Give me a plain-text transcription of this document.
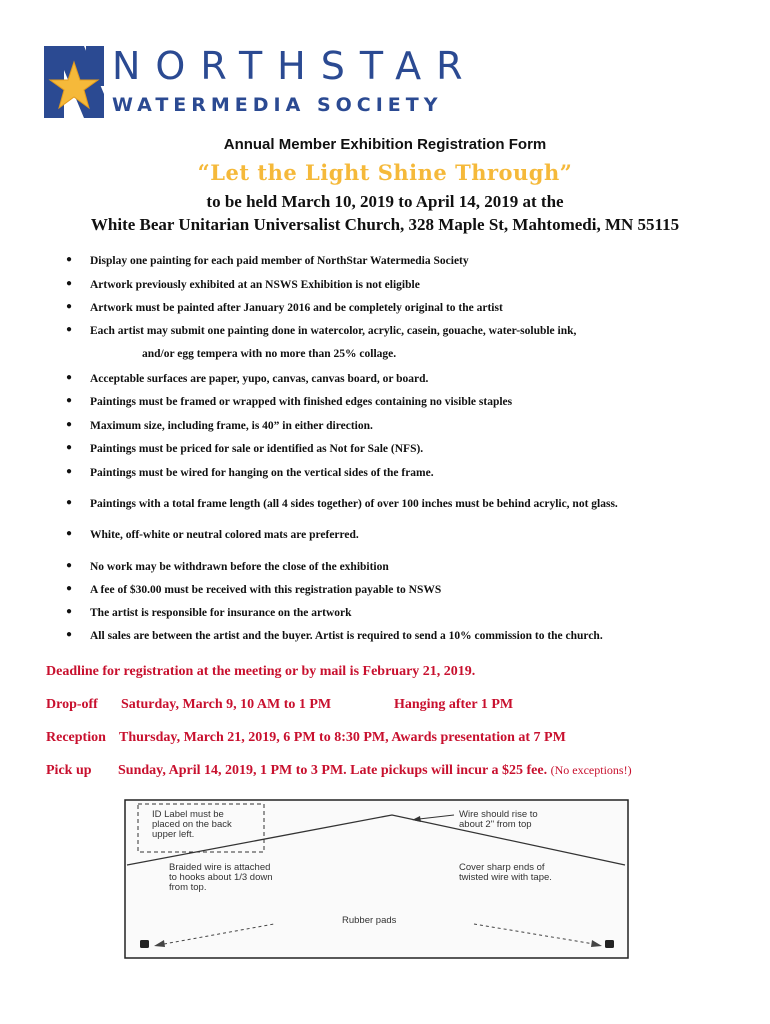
NORTHSTAR
WATERMEDIA SOCIETY
Annual Member Exhibition Registration Form
“Let the Light Shine Through”
to be held March 10, 2019 to April 14, 2019 at the
White Bear Unitarian Universalist Church, 328 Maple St, Mahtomedi, MN 55115
● Display one painting for each paid member of NorthStar Watermedia Society
● Artwork previously exhibited at an NSWS Exhibition is not eligible
● Artwork must be painted after January 2016 and be completely original to the artist
● Each artist may submit one painting done in watercolor, acrylic, casein, gouache, water-soluble ink,
and/or egg tempera with no more than 25% collage.
● Acceptable surfaces are paper, yupo, canvas, canvas board, or board.
● Paintings must be framed or wrapped with finished edges containing no visible staples
● Maximum size, including frame, is 40” in either direction.
● Paintings must be priced for sale or identified as Not for Sale (NFS).
● Paintings must be wired for hanging on the vertical sides of the frame.
● Paintings with a total frame length (all 4 sides together) of over 100 inches must be behind acrylic, not glass.
● White, off-white or neutral colored mats are preferred.
● No work may be withdrawn before the close of the exhibition
● A fee of $30.00 must be received with this registration payable to NSWS
● The artist is responsible for insurance on the artwork
● All sales are between the artist and the buyer. Artist is required to send a 10% commission to the church.
Deadline for registration at the meeting or by mail is February 21, 2019.
Drop-off Saturday, March 9, 10 AM to 1 PM	Hanging after 1 PM
Reception Thursday, March 21, 2019, 6 PM to 8:30 PM, Awards presentation at 7 PM
Pick up Sunday, April 14, 2019, 1 PM to 3 PM. Late pickups will incur a $25 fee. (No exceptions!)
ID Label must be
placed on the back
upper left.
Wire should rise to
about 2" from top
Braided wire is attached
to hooks about 1/3 down
from top.
Cover sharp ends of
twisted wire with tape.
Rubber pads
